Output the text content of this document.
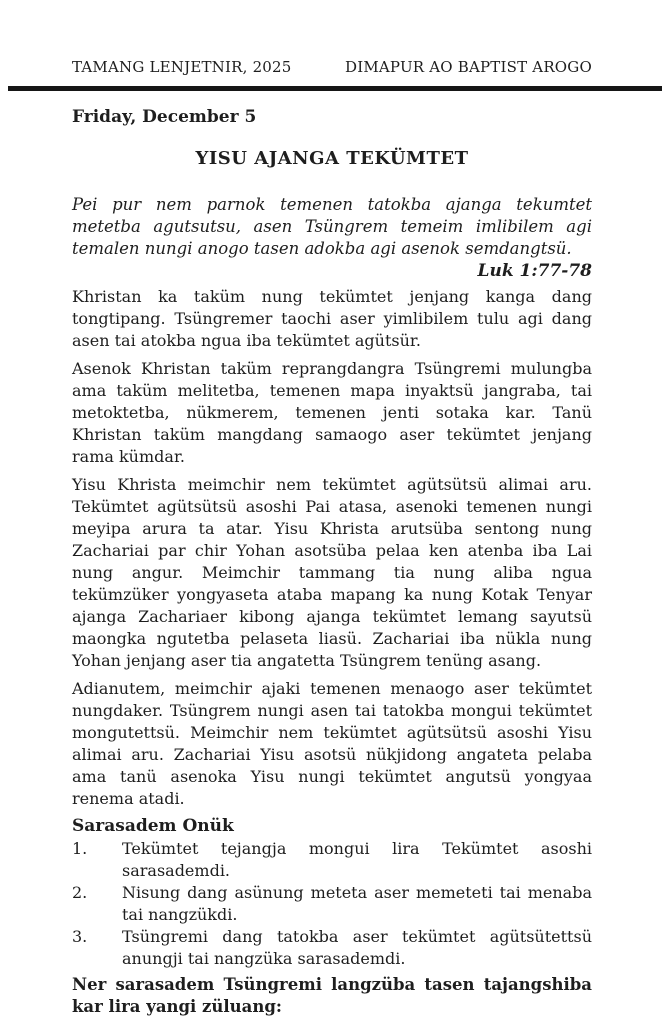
TAMANG LENJETNIR, 2025	DIMAPUR AO BAPTIST AROGO
Friday, December 5
YISU AJANGA TEKÜMTET
Pei pur nem parnok temenen tatokba ajanga tekumtet metetba agutsutsu, asen Tsüngrem temeim imlibilem agi temalen nungi anogo tasen adokba agi asenok semdangtsü.
Luk 1:77-78

Khristan ka taküm nung tekümtet jenjang kanga dang tongtipang. Tsüngremer taochi aser yimlibilem tulu agi dang asen tai atokba ngua iba tekümtet agütsür.

Asenok Khristan taküm reprangdangra Tsüngremi mulungba ama taküm melitetba, temenen mapa inyaktsü jangraba, tai metoktetba, nükmerem, temenen jenti sotaka kar. Tanü Khristan taküm mangdang samaogo aser tekümtet jenjang rama kümdar.

Yisu Khrista meimchir nem tekümtet agütsütsü alimai aru. Tekümtet agütsütsü asoshi Pai atasa, asenoki temenen nungi meyipa arura ta atar. Yisu Khrista arutsüba sentong nung Zachariai par chir Yohan asotsüba pelaa ken atenba iba Lai nung angur. Meimchir tammang tia nung aliba ngua tekümzüker yongyaseta ataba mapang ka nung Kotak Tenyar ajanga Zachariaer kibong ajanga tekümtet lemang sayutsü maongka ngutetba pelaseta liasü. Zachariai iba nükla nung Yohan jenjang aser tia angatetta Tsüngrem tenüng asang.

Adianutem, meimchir ajaki temenen menaogo aser tekümtet nungdaker. Tsüngrem nungi asen tai tatokba mongui tekümtet mongutettsü. Meimchir nem tekümtet agütsütsü asoshi Yisu alimai aru. Zachariai Yisu asotsü nükjidong angateta pelaba ama tanü asenoka Yisu nungi tekümtet angutsü yongyaa renema atadi.

Sarasadem Onük
1.	Tekümtet tejangja mongui lira Tekümtet asoshi sarasademdi.
2.	Nisung dang asünung meteta aser memeteti tai menaba tai nangzükdi.
3.	Tsüngremi dang tatokba aser tekümtet agütsütettsü anungji tai nangzüka sarasademdi.
Ner sarasadem Tsüngremi langzüba tasen tajangshiba kar lira yangi züluang:
